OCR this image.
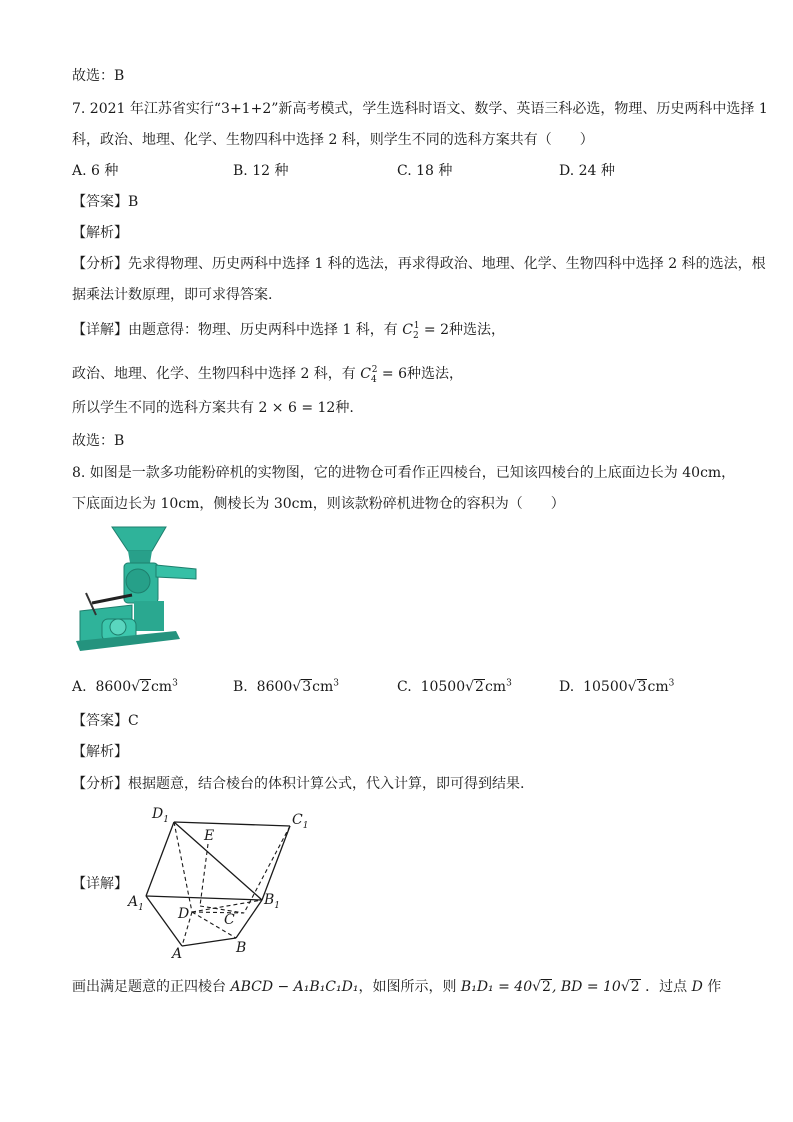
故选：B
7. 2021 年江苏省实行“3+1+2”新高考模式，学生选科时语文、数学、英语三科必选，物理、历史两科中选择 1
科，政治、地理、化学、生物四科中选择 2 科，则学生不同的选科方案共有（　　）
A. 6 种	B. 12 种	C. 18 种	D. 24 种
【答案】B
【解析】
【分析】先求得物理、历史两科中选择 1 科的选法，再求得政治、地理、化学、生物四科中选择 2 科的选法，根
据乘法计数原理，即可求得答案.
【详解】由题意得：物理、历史两科中选择 1 科，有 $C_2^1 = 2$种选法，
政治、地理、化学、生物四科中选择 2 科，有 $C_4^2 = 6$种选法，
所以学生不同的选科方案共有 2 × 6 = 12种.
故选：B
8. 如图是一款多功能粉碎机的实物图，它的进物仓可看作正四棱台，已知该四棱台的上底面边长为 40cm，
下底面边长为 10cm，侧棱长为 30cm，则该款粉碎机进物仓的容积为（　　）
A. $8600√2cm^3$	B. $8600√3cm^3$	C. $10500√2cm^3$	D. $10500√3cm^3$
【答案】C
【解析】
【分析】根据题意，结合棱台的体积计算公式，代入计算，即可得到结果.
【详解】
$D_1$	$C_1$
E
$A_1$	$B_1$
D C
A	B
画出满足题意的正四棱台 ABCD − A₁B₁C₁D₁，如图所示，则 B₁D₁ = 40√2, BD = 10√2 ．过点 D 作
